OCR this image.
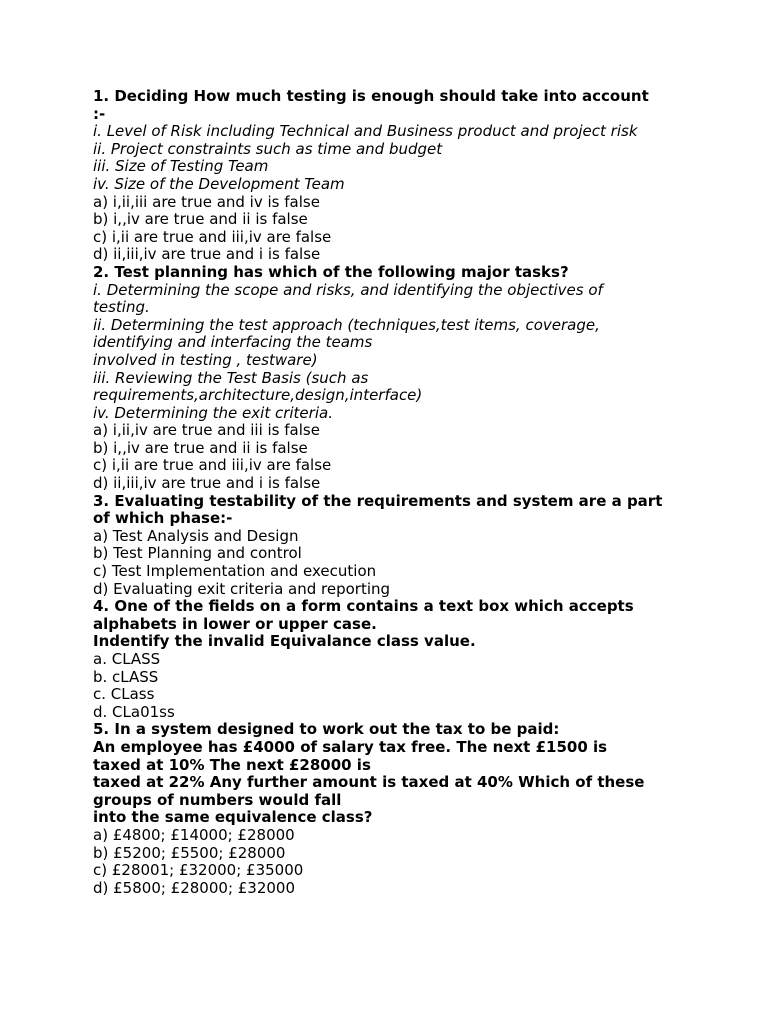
1. Deciding How much testing is enough should take into account
:-
i. Level of Risk including Technical and Business product and project risk
ii. Project constraints such as time and budget
iii. Size of Testing Team
iv. Size of the Development Team
a) i,ii,iii are true and iv is false
b) i,,iv are true and ii is false
c) i,ii are true and iii,iv are false
d) ii,iii,iv are true and i is false
2. Test planning has which of the following major tasks?
i. Determining the scope and risks, and identifying the objectives of
testing.
ii. Determining the test approach (techniques,test items, coverage,
identifying and interfacing the teams
involved in testing , testware)
iii. Reviewing the Test Basis (such as
requirements,architecture,design,interface)
iv. Determining the exit criteria.
a) i,ii,iv are true and iii is false
b) i,,iv are true and ii is false
c) i,ii are true and iii,iv are false
d) ii,iii,iv are true and i is false
3. Evaluating testability of the requirements and system are a part
of which phase:-
a) Test Analysis and Design
b) Test Planning and control
c) Test Implementation and execution
d) Evaluating exit criteria and reporting
4. One of the fields on a form contains a text box which accepts
alphabets in lower or upper case.
Indentify the invalid Equivalance class value.
a. CLASS
b. cLASS
c. CLass
d. CLa01ss
5. In a system designed to work out the tax to be paid:
An employee has £4000 of salary tax free. The next £1500 is
taxed at 10% The next £28000 is
taxed at 22% Any further amount is taxed at 40% Which of these
groups of numbers would fall
into the same equivalence class?
a) £4800; £14000; £28000
b) £5200; £5500; £28000
c) £28001; £32000; £35000
d) £5800; £28000; £32000
